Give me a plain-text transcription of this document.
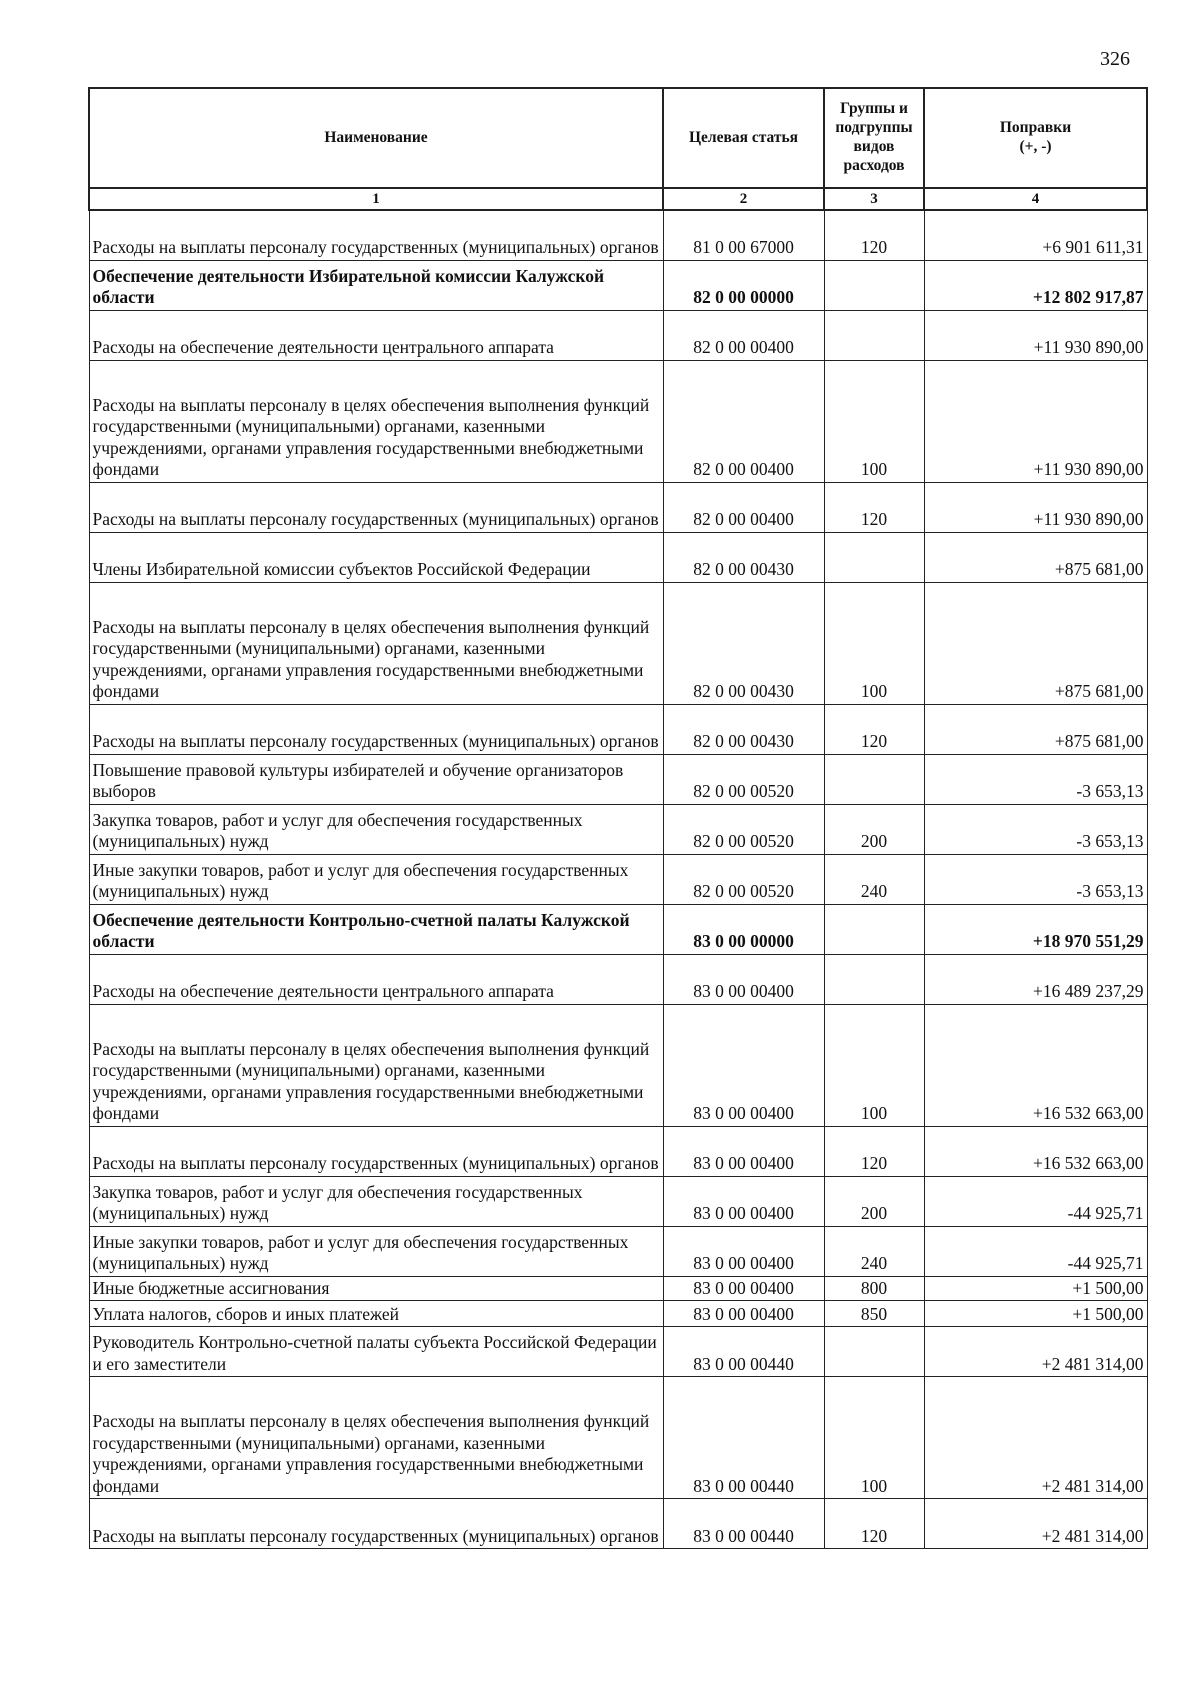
326
Наименование	Целевая статья	Группы и подгруппы видов расходов	Поправки
(+, -)
1	2	3	4
Расходы на выплаты персоналу государственных (муниципальных) органов	81 0 00 67000	120	+6 901 611,31
Обеспечение деятельности Избирательной комиссии Калужской области	82 0 00 00000		+12 802 917,87
Расходы на обеспечение деятельности центрального аппарата	82 0 00 00400		+11 930 890,00
Расходы на выплаты персоналу в целях обеспечения выполнения функций государственными (муниципальными) органами, казенными учреждениями, органами управления государственными внебюджетными фондами	82 0 00 00400	100	+11 930 890,00
Расходы на выплаты персоналу государственных (муниципальных) органов	82 0 00 00400	120	+11 930 890,00
Члены Избирательной комиссии субъектов Российской Федерации	82 0 00 00430		+875 681,00
Расходы на выплаты персоналу в целях обеспечения выполнения функций государственными (муниципальными) органами, казенными учреждениями, органами управления государственными внебюджетными фондами	82 0 00 00430	100	+875 681,00
Расходы на выплаты персоналу государственных (муниципальных) органов	82 0 00 00430	120	+875 681,00
Повышение правовой культуры избирателей и обучение организаторов выборов	82 0 00 00520		-3 653,13
Закупка товаров, работ и услуг для обеспечения государственных (муниципальных) нужд	82 0 00 00520	200	-3 653,13
Иные закупки товаров, работ и услуг для обеспечения государственных (муниципальных) нужд	82 0 00 00520	240	-3 653,13
Обеспечение деятельности Контрольно-счетной палаты Калужской области	83 0 00 00000		+18 970 551,29
Расходы на обеспечение деятельности центрального аппарата	83 0 00 00400		+16 489 237,29
Расходы на выплаты персоналу в целях обеспечения выполнения функций государственными (муниципальными) органами, казенными учреждениями, органами управления государственными внебюджетными фондами	83 0 00 00400	100	+16 532 663,00
Расходы на выплаты персоналу государственных (муниципальных) органов	83 0 00 00400	120	+16 532 663,00
Закупка товаров, работ и услуг для обеспечения государственных (муниципальных) нужд	83 0 00 00400	200	-44 925,71
Иные закупки товаров, работ и услуг для обеспечения государственных (муниципальных) нужд	83 0 00 00400	240	-44 925,71
Иные бюджетные ассигнования	83 0 00 00400	800	+1 500,00
Уплата налогов, сборов и иных платежей	83 0 00 00400	850	+1 500,00
Руководитель Контрольно-счетной палаты субъекта Российской Федерации и его заместители	83 0 00 00440		+2 481 314,00
Расходы на выплаты персоналу в целях обеспечения выполнения функций государственными (муниципальными) органами, казенными учреждениями, органами управления государственными внебюджетными фондами	83 0 00 00440	100	+2 481 314,00
Расходы на выплаты персоналу государственных (муниципальных) органов	83 0 00 00440	120	+2 481 314,00
